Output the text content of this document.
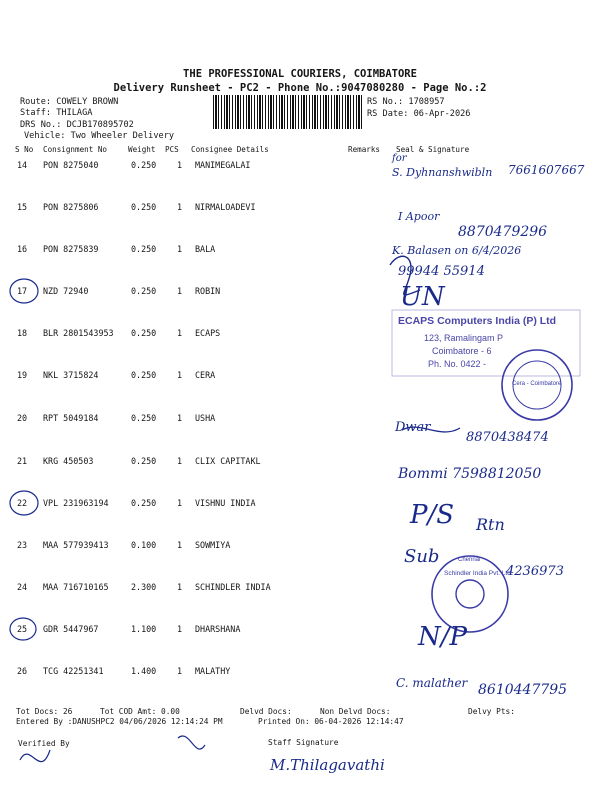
THE PROFESSIONAL COURIERS, COIMBATORE
Delivery Runsheet - PC2 - Phone No.:9047080280 - Page No.:2
Route: COWELY BROWN
Staff: THILAGA
DRS No.: DCJB170895702
Vehicle: Two Wheeler Delivery
RS No.: 1708957
RS Date: 06-Apr-2026
S No Consignment No	Weight PCS Consignee Details	Remarks Seal & Signature
14 PON 8275040	0.250 1 MANIMEGALAI
15 PON 8275806	0.250 1 NIRMALOADEVI
16 PON 8275839	0.250 1 BALA
17 NZD 72940	0.250 1 ROBIN
18 BLR 2801543953 0.250 1 ECAPS
19 NKL 3715824	0.250 1 CERA
20 RPT 5049184	0.250 1 USHA
21 KRG 450503	0.250 1 CLIX CAPITAKL
22 VPL 231963194	0.250 1 VISHNU INDIA
23 MAA 577939413	0.100 1 SOWMIYA
24 MAA 716710165	2.300 1 SCHINDLER INDIA
25 GDR 5447967	1.100 1 DHARSHANA
26 TCG 42251341	1.400 1 MALATHY
for
S. Dyhnanshwibln 7661607667
I Apoor
8870479296
K. Balasen on 6/4/2026
99944 55914
UN
ECAPS Computers India (P) Ltd
123, Ramalingam P
Coimbatore - 6
Ph. No. 0422 -
Cera - Coimbatore
Dwar
8870438474
Bommi 7598812050
P/S Rtn
Sub
4236973
Schindler India Pvt. Ltd.
Chennai
N/P
C. malather 8610447795
Tot Docs: 26	Tot COD Amt: 0.00	Delvd Docs:	Non Delvd Docs:	Delvy Pts:
Entered By :DANUSHPC2 04/06/2026 12:14:24 PM	Printed On: 06-04-2026 12:14:47
Verified By	Staff Signature
M.Thilagavathi
